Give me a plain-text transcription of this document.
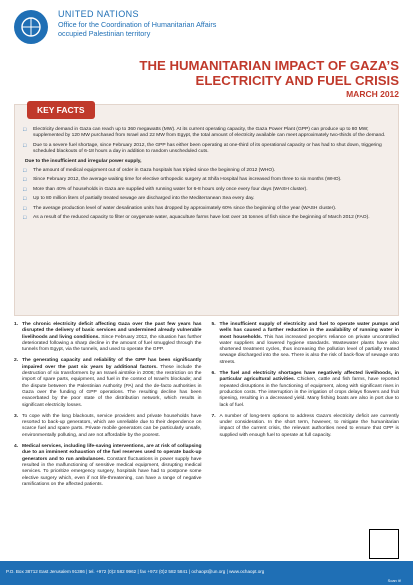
UNITED NATIONS
Office for the Coordination of Humanitarian Affairs
occupied Palestinian territory
THE HUMANITARIAN IMPACT OF GAZA’S
ELECTRICITY AND FUEL CRISIS
MARCH 2012
KEY FACTS
□	Electricity demand in Gaza can reach up to 360 megawatts (MW). At its current operating capacity, the Gaza Power Plant (GPP) can produce up to 80 MW; supplemented by 120 MW purchased from Israel and 22 MW from Egypt, the total amount of electricity available can meet approximately two-thirds of the demand.
□	Due to a severe fuel shortage, since February 2012, the GPP has either been operating at one-third of its operational capacity or has had to shut down, triggering scheduled blackouts of 6-18 hours a day in addition to random unscheduled cuts.
Due to the insufficient and irregular power supply,
□	The amount of medical equipment out of order in Gaza hospitals has tripled since the beginning of 2012 (WHO).
□	Since February 2012, the average waiting time for elective orthopedic surgery at Shifa Hospital has increased from three to six months (WHO).
□	More than 40% of households in Gaza are supplied with running water for 6-8 hours only once every four days (WASH cluster).
□	Up to 80 million liters of partially treated sewage are discharged into the Mediterranean Sea every day.
□	The average production level of water desalination units has dropped by approximately 60% since the beginning of the year (WASH cluster).
□	As a result of the reduced capacity to filter or oxygenate water, aquaculture farms have lost over 16 tonnes of fish since the beginning of March 2012 (FAO).
1. The chronic electricity deficit affecting Gaza over the past few years has disrupted the delivery of basic services and undermined already vulnerable livelihoods and living conditions. Since February 2012, the situation has further deteriorated following a sharp decline in the amount of fuel smuggled through the tunnels from Egypt, via the tunnels, and used to operate the GPP.
2. The generating capacity and reliability of the GPP has been significantly impaired over the past six years by additional factors. These include the destruction of six transformers by an Israeli airstrike in 2006; the restriction on the import of spare parts, equipment, and fuel in the context of Israel's blockade; and the dispute between the Palestinian Authority (PA) and the de-facto authorities in Gaza over the funding of GPP operations. The resulting decline has been exacerbated by the poor state of the distribution network, which results in significant electricity losses.
3. To cope with the long blackouts, service providers and private households have resorted to back-up generators, which are unreliable due to their dependence on scarce fuel and spare parts. Private mobile generators can be particularly unsafe, environmentally polluting, and are not affordable by the poorest.
4. Medical services, including life-saving interventions, are at risk of collapsing due to an imminent exhaustion of the fuel reserves used to operate back-up generators and to run ambulances. Constant fluctuations in power supply have resulted in the malfunctioning of sensitive medical equipment, disrupting medical services. To prioritize emergency surgery, hospitals have had to postpone some elective surgery which, even if not life-threatening, can have a range of negative ramifications on the affected patients.
5. The insufficient supply of electricity and fuel to operate water pumps and wells has caused a further reduction in the availability of running water in most households. This has increased people's reliance on private uncontrolled water suppliers and lowered hygiene standards. Wastewater plants have also shortened treatment cycles, thus increasing the pollution level of partially treated sewage discharged into the sea. There is also the risk of back-flow of sewage onto streets.
6. The fuel and electricity shortages have negatively affected livelihoods, in particular agricultural activities. Chicken, cattle and fish farms, have reported repeated disruptions in the functioning of equipment, along with significant rises in production costs. The interruption in the irrigation of crops delays flowers and fruit ripening, resulting in a decreased yield. Many fishing boats are also in port due to lack of fuel.
7. A number of long-term options to address Gaza's electricity deficit are currently under consideration. In the short term, however, to mitigate the humanitarian impact of the current crisis, the relevant authorities need to ensure that GPP is supplied with enough fuel to operate at full capacity.
P.O. Box 38712 East Jerusalem 91386 | tel. +972 (0)2 582 9962 | fax +972 (0)2 582 5841 | ochaopt@un.org | www.ochaopt.org
Scan it!
